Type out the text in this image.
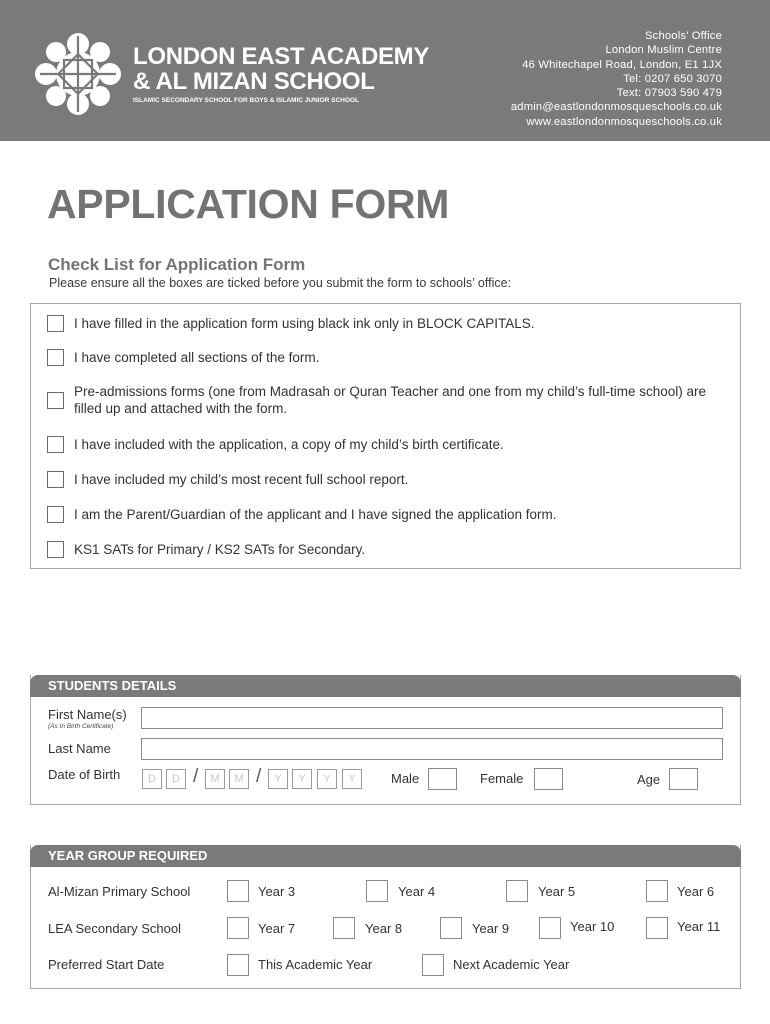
LONDON EAST ACADEMY
& AL MIZAN SCHOOL
ISLAMIC SECONDARY SCHOOL FOR BOYS & ISLAMIC JUNIOR SCHOOL
Schools’ Office
London Muslim Centre
46 Whitechapel Road, London, E1 1JX
Tel: 0207 650 3070
Text: 07903 590 479
admin@eastlondonmosqueschools.co.uk
www.eastlondonmosqueschools.co.uk
APPLICATION FORM
Check List for Application Form
Please ensure all the boxes are ticked before you submit the form to schools’ office:
I have filled in the application form using black ink only in BLOCK CAPITALS.
I have completed all sections of the form.
Pre-admissions forms (one from Madrasah or Quran Teacher and one from my child’s full-time school) are filled up and attached with the form.
I have included with the application, a copy of my child’s birth certificate.
I have included my child’s most recent full school report.
I am the Parent/Guardian of the applicant and I have signed the application form.
KS1 SATs for Primary / KS2 SATs for Secondary.
STUDENTS DETAILS
First Name(s)
(As In Birth Certificate)
Last Name
Date of Birth	D	D /	M	M /	Y	Y	Y	Y	Male	Female	Age
YEAR GROUP REQUIRED
Al-Mizan Primary School	Year 3	Year 4	Year 5	Year 6
LEA Secondary School	Year 7	Year 8	Year 9	Year 10	Year 11
Preferred Start Date	This Academic Year	Next Academic Year
